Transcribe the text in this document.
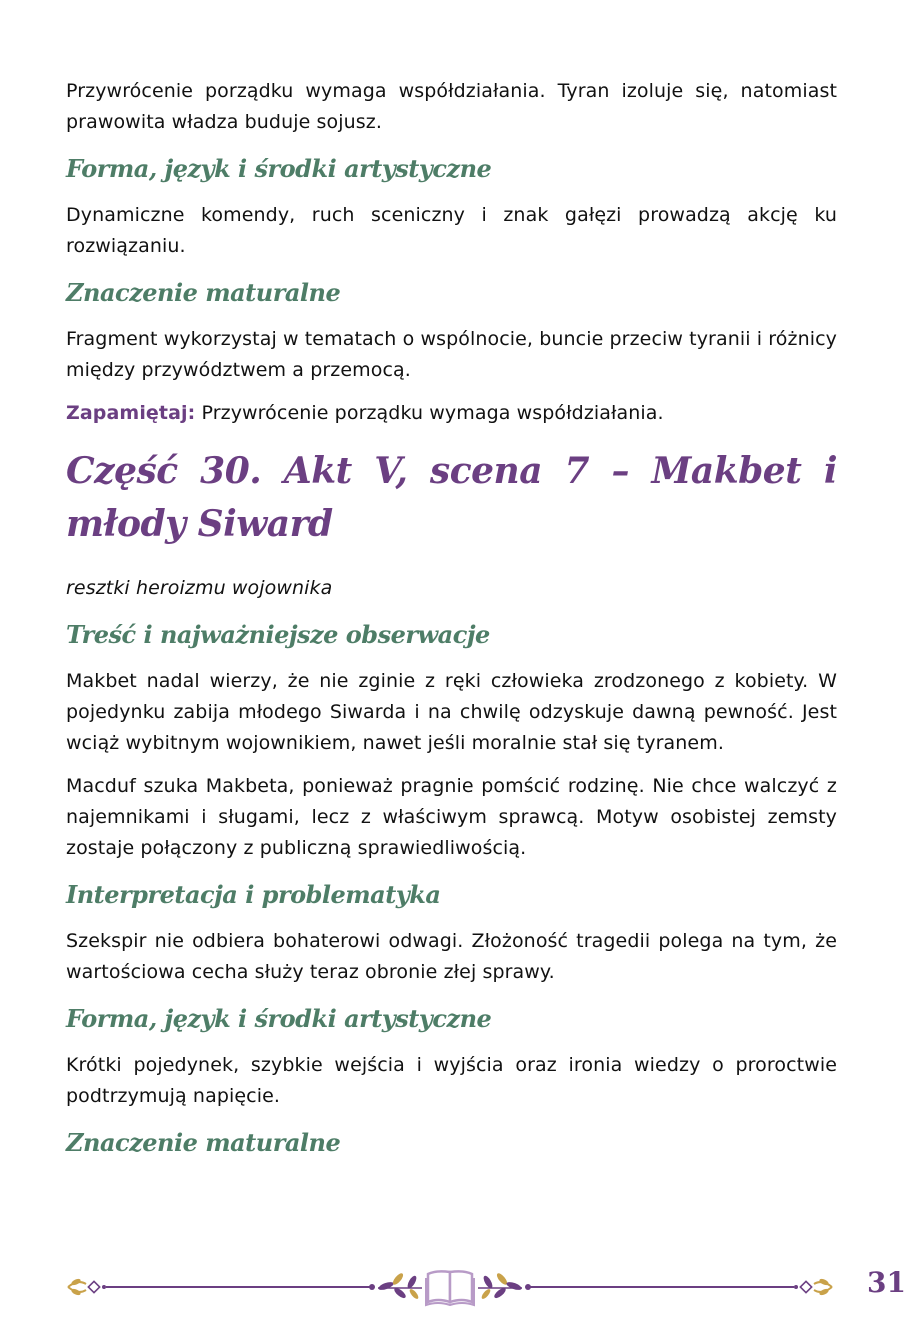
Przywrócenie porządku wymaga współdziałania. Tyran izoluje się, natomiast prawowita władza buduje sojusz.

Forma, język i środki artystyczne

Dynamiczne komendy, ruch sceniczny i znak gałęzi prowadzą akcję ku rozwiązaniu.

Znaczenie maturalne

Fragment wykorzystaj w tematach o wspólnocie, buncie przeciw tyranii i różnicy między przywództwem a przemocą.

Zapamiętaj: Przywrócenie porządku wymaga współdziałania.

Część 30. Akt V, scena 7 – Makbet i młody Siward

resztki heroizmu wojownika

Treść i najważniejsze obserwacje

Makbet nadal wierzy, że nie zginie z ręki człowieka zrodzonego z kobiety. W pojedynku zabija młodego Siwarda i na chwilę odzyskuje dawną pewność. Jest wciąż wybitnym wojownikiem, nawet jeśli moralnie stał się tyranem.

Macduf szuka Makbeta, ponieważ pragnie pomścić rodzinę. Nie chce walczyć z najemnikami i sługami, lecz z właściwym sprawcą. Motyw osobistej zemsty zostaje połączony z publiczną sprawiedliwością.

Interpretacja i problematyka

Szekspir nie odbiera bohaterowi odwagi. Złożoność tragedii polega na tym, że wartościowa cecha służy teraz obronie złej sprawy.

Forma, język i środki artystyczne

Krótki pojedynek, szybkie wejścia i wyjścia oraz ironia wiedzy o proroctwie podtrzymują napięcie.

Znaczenie maturalne
31
